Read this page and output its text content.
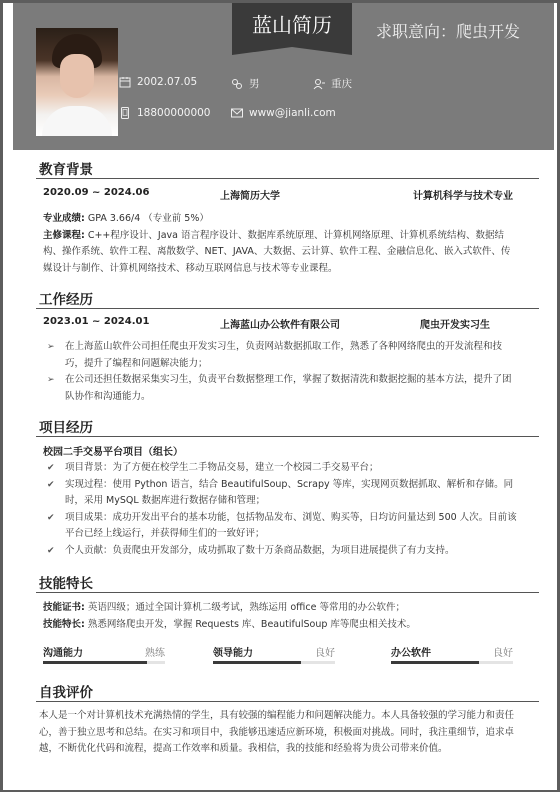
蓝山简历	求职意向：爬虫开发
2002.07.05	男	重庆
18800000000	www@jianli.com
教育背景
2020.09 ~ 2024.06	上海简历大学	计算机科学与技术专业
专业成绩: GPA 3.66/4 （专业前 5%）
主修课程: C++程序设计、Java 语言程序设计、数据库系统原理、计算机网络原理、计算机系统结构、数据结构、操作系统、软件工程、离散数学、NET、JAVA、大数据、云计算、软件工程、金融信息化、嵌入式软件、传媒设计与制作、计算机网络技术、移动互联网信息与技术等专业课程。
工作经历
2023.01 ~ 2024.01	上海蓝山办公软件有限公司	爬虫开发实习生
➢ 在上海蓝山软件公司担任爬虫开发实习生，负责网站数据抓取工作，熟悉了各种网络爬虫的开发流程和技巧，提升了编程和问题解决能力；
➢ 在公司还担任数据采集实习生，负责平台数据整理工作，掌握了数据清洗和数据挖掘的基本方法，提升了团队协作和沟通能力。
项目经历
校园二手交易平台项目（组长）
✔ 项目背景：为了方便在校学生二手物品交易，建立一个校园二手交易平台；
✔ 实现过程：使用 Python 语言，结合 BeautifulSoup、Scrapy 等库，实现网页数据抓取、解析和存储。同时，采用 MySQL 数据库进行数据存储和管理；
✔ 项目成果：成功开发出平台的基本功能，包括物品发布、浏览、购买等，日均访问量达到 500 人次。目前该平台已经上线运行，并获得师生们的一致好评；
✔ 个人贡献：负责爬虫开发部分，成功抓取了数十万条商品数据，为项目进展提供了有力支持。
技能特长
技能证书: 英语四级；通过全国计算机二级考试，熟练运用 office 等常用的办公软件；
技能特长: 熟悉网络爬虫开发，掌握 Requests 库、BeautifulSoup 库等爬虫相关技术。
沟通能力	熟练	领导能力	良好	办公软件	良好
自我评价
本人是一个对计算机技术充满热情的学生，具有较强的编程能力和问题解决能力。本人具备较强的学习能力和责任心，善于独立思考和总结。在实习和项目中，我能够迅速适应新环境，积极面对挑战。同时，我注重细节，追求卓越，不断优化代码和流程，提高工作效率和质量。我相信，我的技能和经验将为贵公司带来价值。
